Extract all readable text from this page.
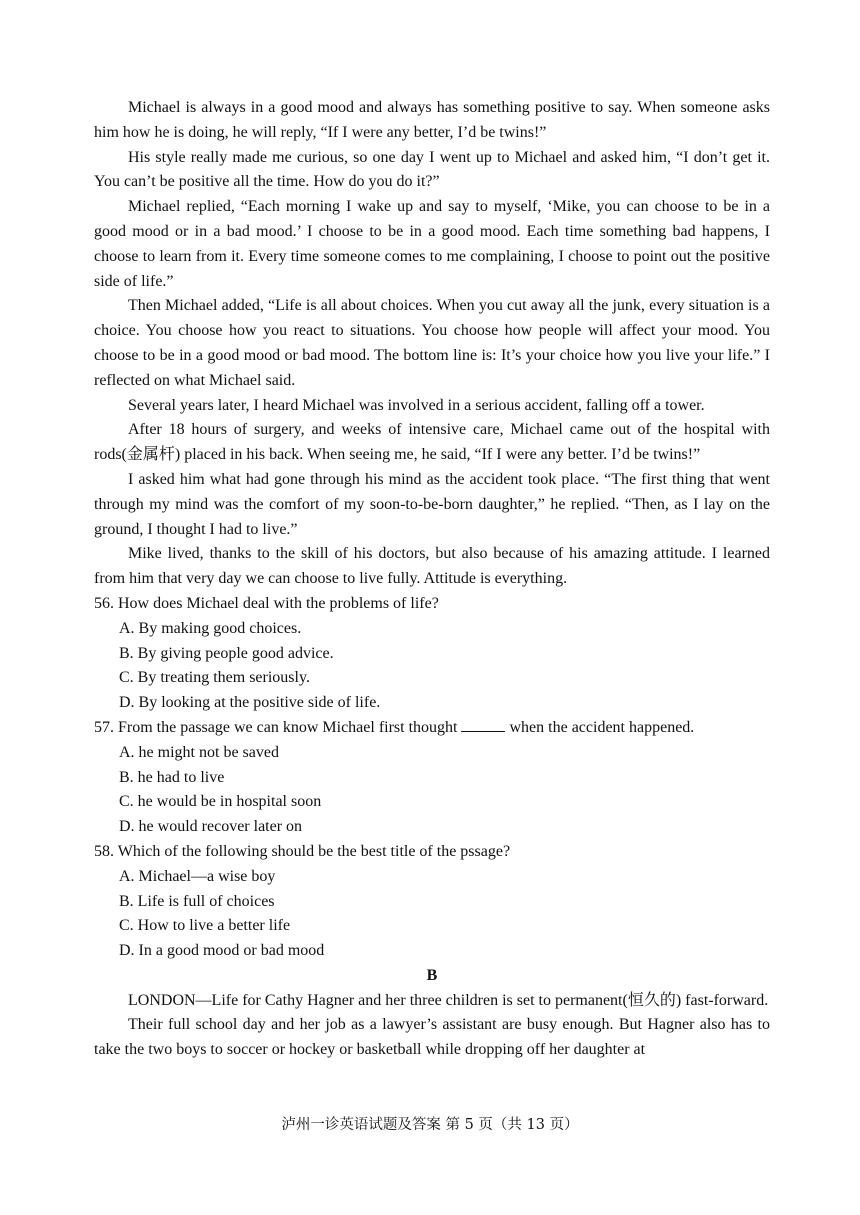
Michael is always in a good mood and always has something positive to say. When someone asks him how he is doing, he will reply, “If I were any better, I’d be twins!”

His style really made me curious, so one day I went up to Michael and asked him, “I don’t get it. You can’t be positive all the time. How do you do it?”

Michael replied, “Each morning I wake up and say to myself, ‘Mike, you can choose to be in a good mood or in a bad mood.’ I choose to be in a good mood. Each time something bad happens, I choose to learn from it. Every time someone comes to me complaining, I choose to point out the positive side of life.”

Then Michael added, “Life is all about choices. When you cut away all the junk, every situation is a choice. You choose how you react to situations. You choose how people will affect your mood. You choose to be in a good mood or bad mood. The bottom line is: It’s your choice how you live your life.” I reflected on what Michael said.

Several years later, I heard Michael was involved in a serious accident, falling off a tower.

After 18 hours of surgery, and weeks of intensive care, Michael came out of the hospital with rods(金属杆) placed in his back. When seeing me, he said, “If I were any better. I’d be twins!”

I asked him what had gone through his mind as the accident took place. “The first thing that went through my mind was the comfort of my soon-to-be-born daughter,” he replied. “Then, as I lay on the ground, I thought I had to live.”

Mike lived, thanks to the skill of his doctors, but also because of his amazing attitude. I learned from him that very day we can choose to live fully. Attitude is everything.

56. How does Michael deal with the problems of life?

A. By making good choices.

B. By giving people good advice.

C. By treating them seriously.

D. By looking at the positive side of life.

57. From the passage we can know Michael first thought	when the accident happened.

A. he might not be saved

B. he had to live

C. he would be in hospital soon

D. he would recover later on

58. Which of the following should be the best title of the pssage?

A. Michael—a wise boy

B. Life is full of choices

C. How to live a better life

D. In a good mood or bad mood

B

LONDON—Life for Cathy Hagner and her three children is set to permanent(恒久的) fast-forward.

Their full school day and her job as a lawyer’s assistant are busy enough. But Hagner also has to take the two boys to soccer or hockey or basketball while dropping off her daughter at

泸州一诊英语试题及答案 第 5 页（共 13 页）
